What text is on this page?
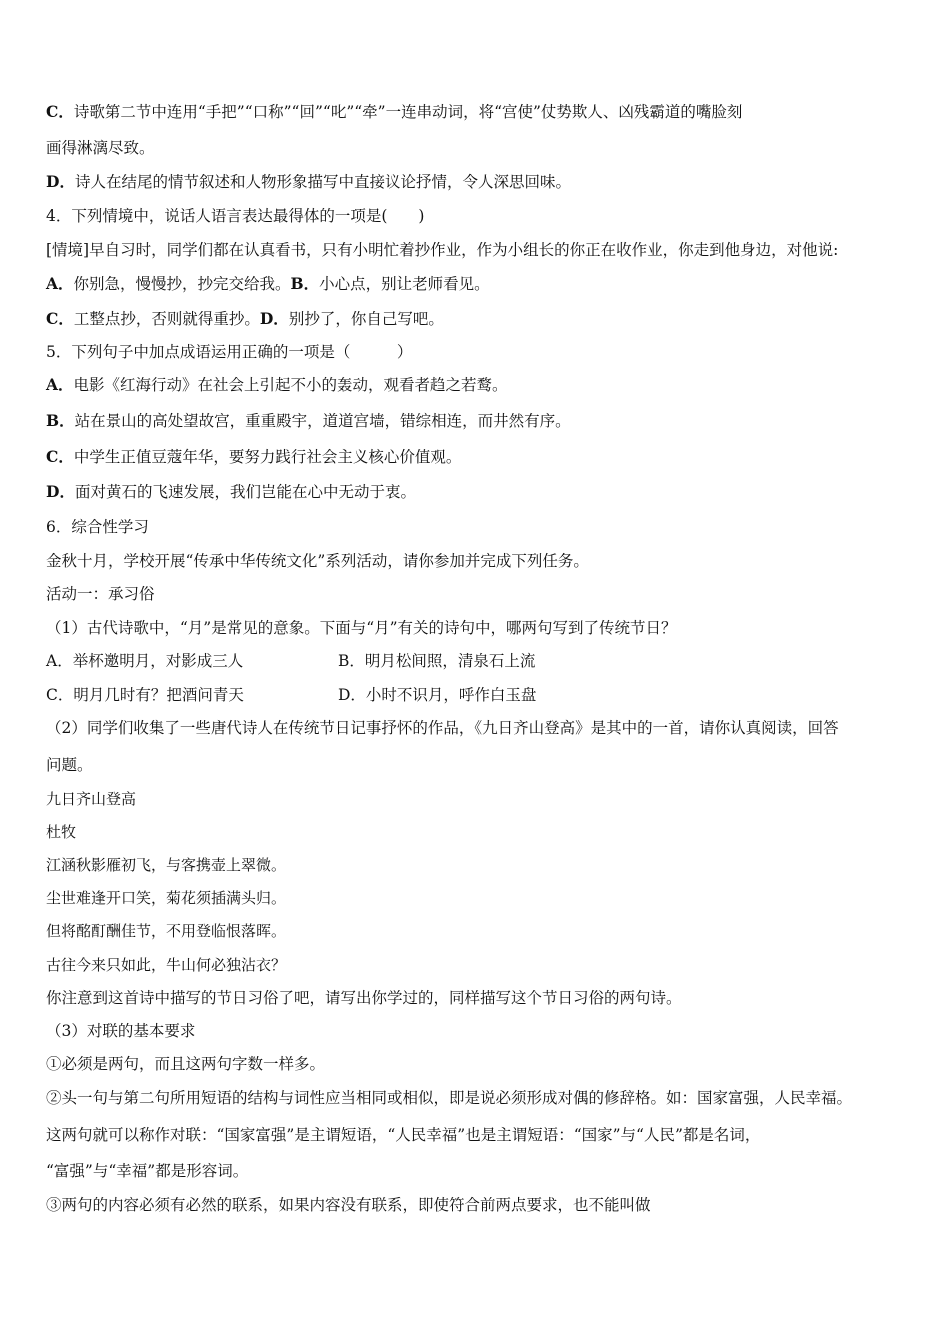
C．诗歌第二节中连用“手把”“口称”“回”“叱”“牵”一连串动词，将“宫使”仗势欺人、凶残霸道的嘴脸刻
画得淋漓尽致。
D．诗人在结尾的情节叙述和人物形象描写中直接议论抒情，令人深思回味。
4．下列情境中，说话人语言表达最得体的一项是(　　)
[情境]早自习时，同学们都在认真看书，只有小明忙着抄作业，作为小组长的你正在收作业，你走到他身边，对他说:
A．你别急，慢慢抄，抄完交给我。B．小心点，别让老师看见。
C．工整点抄，否则就得重抄。D．别抄了，你自己写吧。
5．下列句子中加点成语运用正确的一项是（　　　）
A．电影《红海行动》在社会上引起不小的轰动，观看者趋之若鹜。
B．站在景山的高处望故宫，重重殿宇，道道宫墙，错综相连，而井然有序。
C．中学生正值豆蔻年华，要努力践行社会主义核心价值观。
D．面对黄石的飞速发展，我们岂能在心中无动于衷。
6．综合性学习
金秋十月，学校开展“传承中华传统文化”系列活动，请你参加并完成下列任务。
活动一：承习俗
（1）古代诗歌中，“月”是常见的意象。下面与“月”有关的诗句中，哪两句写到了传统节日？
A．举杯邀明月，对影成三人	B．明月松间照，清泉石上流
C．明月几时有？把酒问青天	D．小时不识月，呼作白玉盘
（2）同学们收集了一些唐代诗人在传统节日记事抒怀的作品，《九日齐山登高》是其中的一首，请你认真阅读，回答
问题。
九日齐山登高
杜牧
江涵秋影雁初飞，与客携壶上翠微。
尘世难逢开口笑，菊花须插满头归。
但将酩酊酬佳节，不用登临恨落晖。
古往今来只如此，牛山何必独沾衣？
你注意到这首诗中描写的节日习俗了吧，请写出你学过的，同样描写这个节日习俗的两句诗。
（3）对联的基本要求
①必须是两句，而且这两句字数一样多。
②头一句与第二句所用短语的结构与词性应当相同或相似，即是说必须形成对偶的修辞格。如：国家富强，人民幸福。
这两句就可以称作对联：“国家富强”是主谓短语，“人民幸福”也是主谓短语：“国家”与“人民”都是名词，
“富强”与“幸福”都是形容词。
③两句的内容必须有必然的联系，如果内容没有联系，即使符合前两点要求，也不能叫做
